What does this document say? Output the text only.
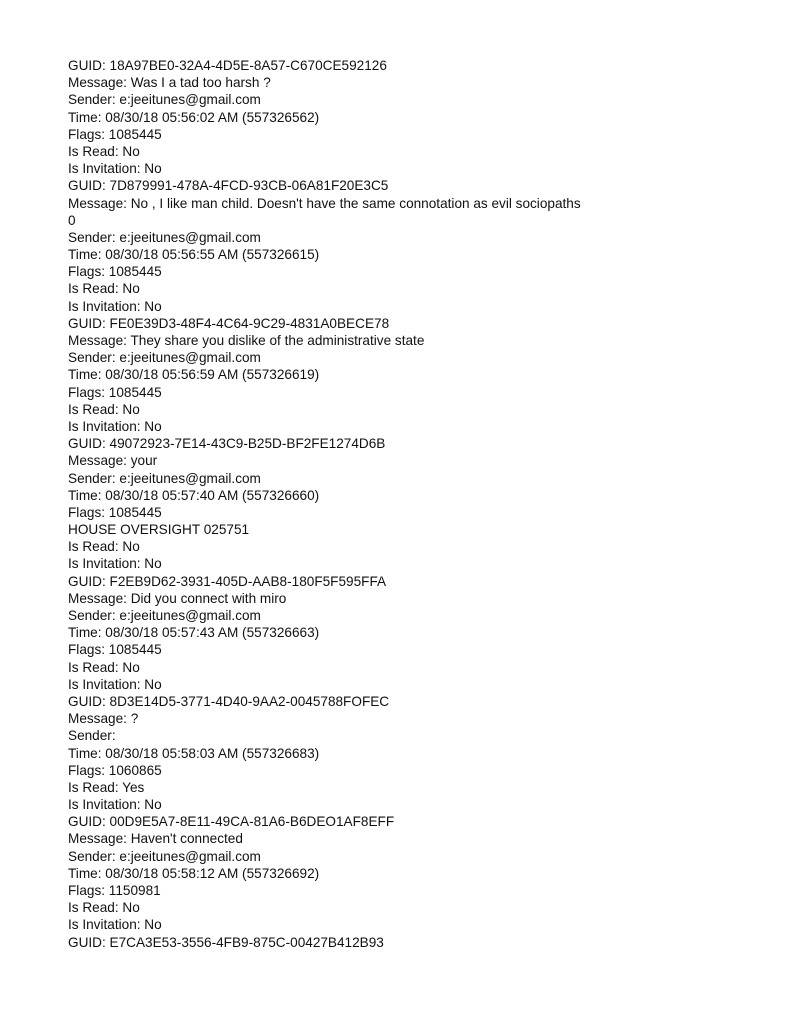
GUID: 18A97BE0-32A4-4D5E-8A57-C670CE592126
Message: Was I a tad too harsh ?
Sender: e:jeeitunes@gmail.com
Time: 08/30/18 05:56:02 AM (557326562)
Flags: 1085445
Is Read: No
Is Invitation: No
GUID: 7D879991-478A-4FCD-93CB-06A81F20E3C5
Message: No , I like man child. Doesn't have the same connotation as evil sociopaths
0
Sender: e:jeeitunes@gmail.com
Time: 08/30/18 05:56:55 AM (557326615)
Flags: 1085445
Is Read: No
Is Invitation: No
GUID: FE0E39D3-48F4-4C64-9C29-4831A0BECE78
Message: They share you dislike of the administrative state
Sender: e:jeeitunes@gmail.com
Time: 08/30/18 05:56:59 AM (557326619)
Flags: 1085445
Is Read: No
Is Invitation: No
GUID: 49072923-7E14-43C9-B25D-BF2FE1274D6B
Message: your
Sender: e:jeeitunes@gmail.com
Time: 08/30/18 05:57:40 AM (557326660)
Flags: 1085445
HOUSE OVERSIGHT 025751
Is Read: No
Is Invitation: No
GUID: F2EB9D62-3931-405D-AAB8-180F5F595FFA
Message: Did you connect with miro
Sender: e:jeeitunes@gmail.com
Time: 08/30/18 05:57:43 AM (557326663)
Flags: 1085445
Is Read: No
Is Invitation: No
GUID: 8D3E14D5-3771-4D40-9AA2-0045788FOFEC
Message: ?
Sender:
Time: 08/30/18 05:58:03 AM (557326683)
Flags: 1060865
Is Read: Yes
Is Invitation: No
GUID: 00D9E5A7-8E11-49CA-81A6-B6DEO1AF8EFF
Message: Haven't connected
Sender: e:jeeitunes@gmail.com
Time: 08/30/18 05:58:12 AM (557326692)
Flags: 1150981
Is Read: No
Is Invitation: No
GUID: E7CA3E53-3556-4FB9-875C-00427B412B93
